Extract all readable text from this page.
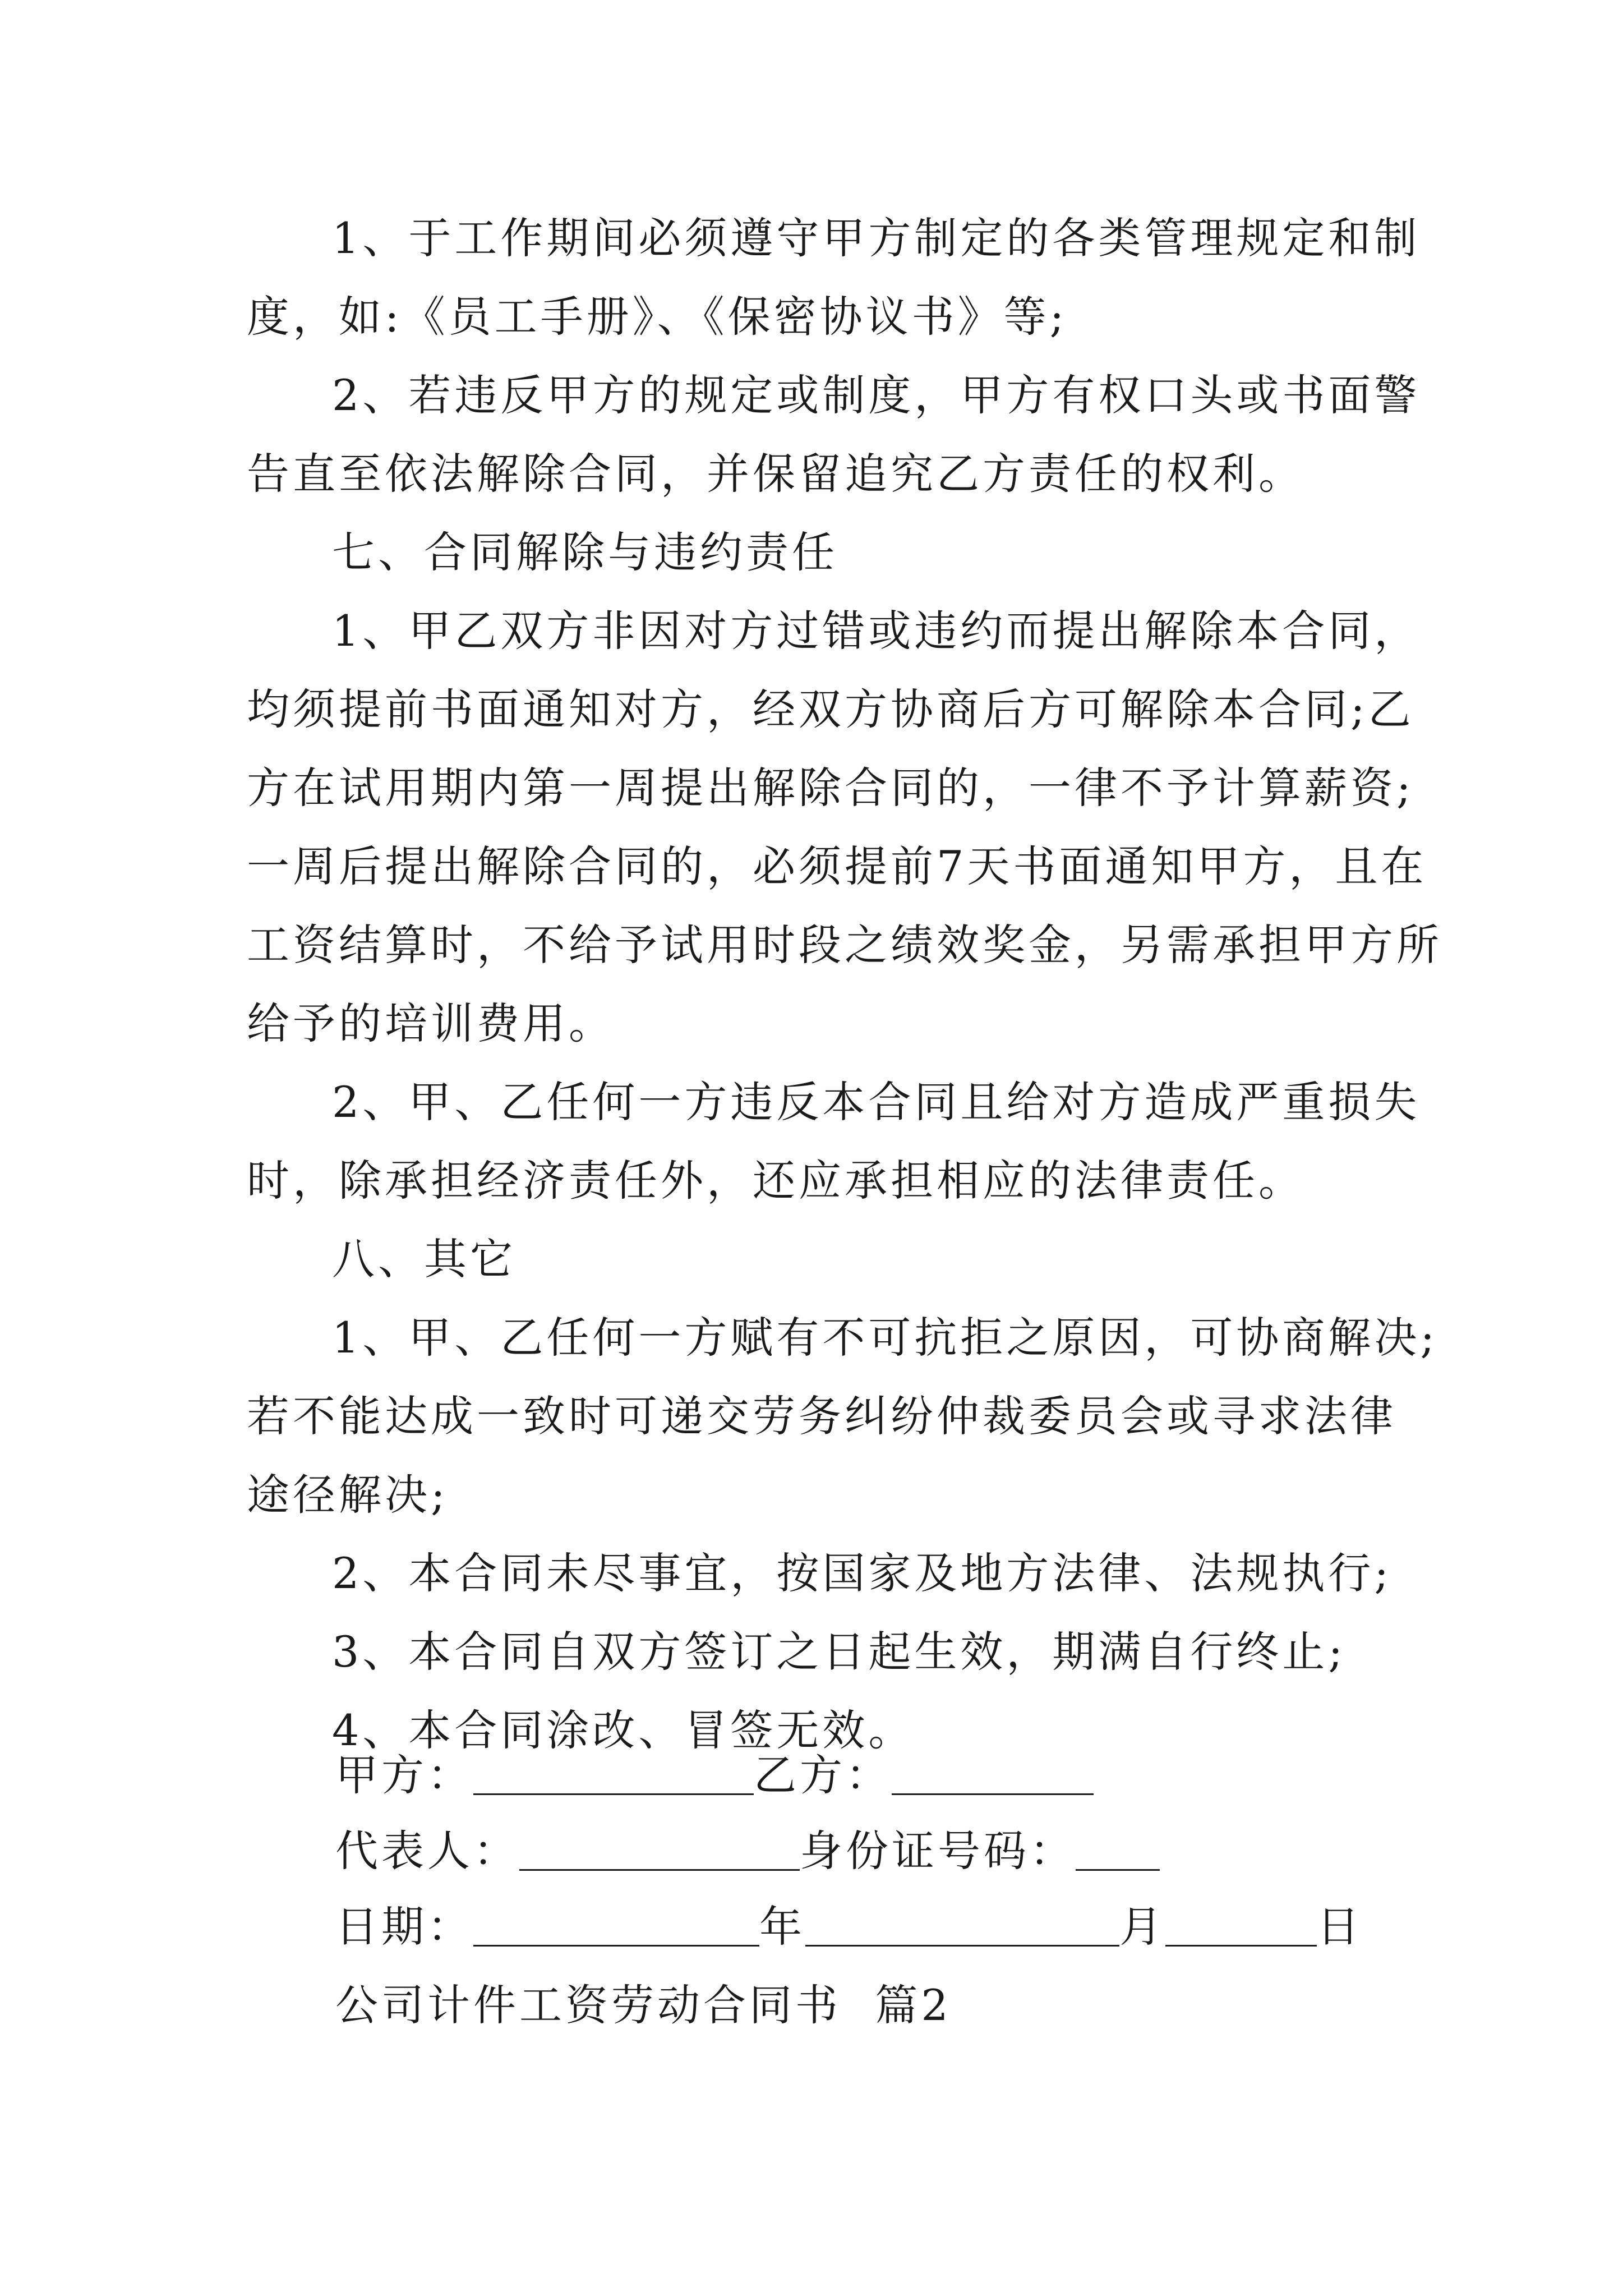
1、于工作期间必须遵守甲方制定的各类管理规定和制
度，如:《员工手册》、《保密协议书》等;
2、若违反甲方的规定或制度，甲方有权口头或书面警
告直至依法解除合同，并保留追究乙方责任的权利。
七、合同解除与违约责任
1、甲乙双方非因对方过错或违约而提出解除本合同，
均须提前书面通知对方，经双方协商后方可解除本合同;乙
方在试用期内第一周提出解除合同的，一律不予计算薪资;
一周后提出解除合同的，必须提前7天书面通知甲方，且在
工资结算时，不给予试用时段之绩效奖金，另需承担甲方所
给予的培训费用。
2、甲、乙任何一方违反本合同且给对方造成严重损失
时，除承担经济责任外，还应承担相应的法律责任。
八、其它
1、甲、乙任何一方赋有不可抗拒之原因，可协商解决;
若不能达成一致时可递交劳务纠纷仲裁委员会或寻求法律
途径解决;
2、本合同未尽事宜，按国家及地方法律、法规执行;
3、本合同自双方签订之日起生效，期满自行终止;
4、本合同涂改、冒签无效。
甲方：	乙方：
代表人：	身份证号码：
日期：	年	月	日
公司计件工资劳动合同书  篇2
